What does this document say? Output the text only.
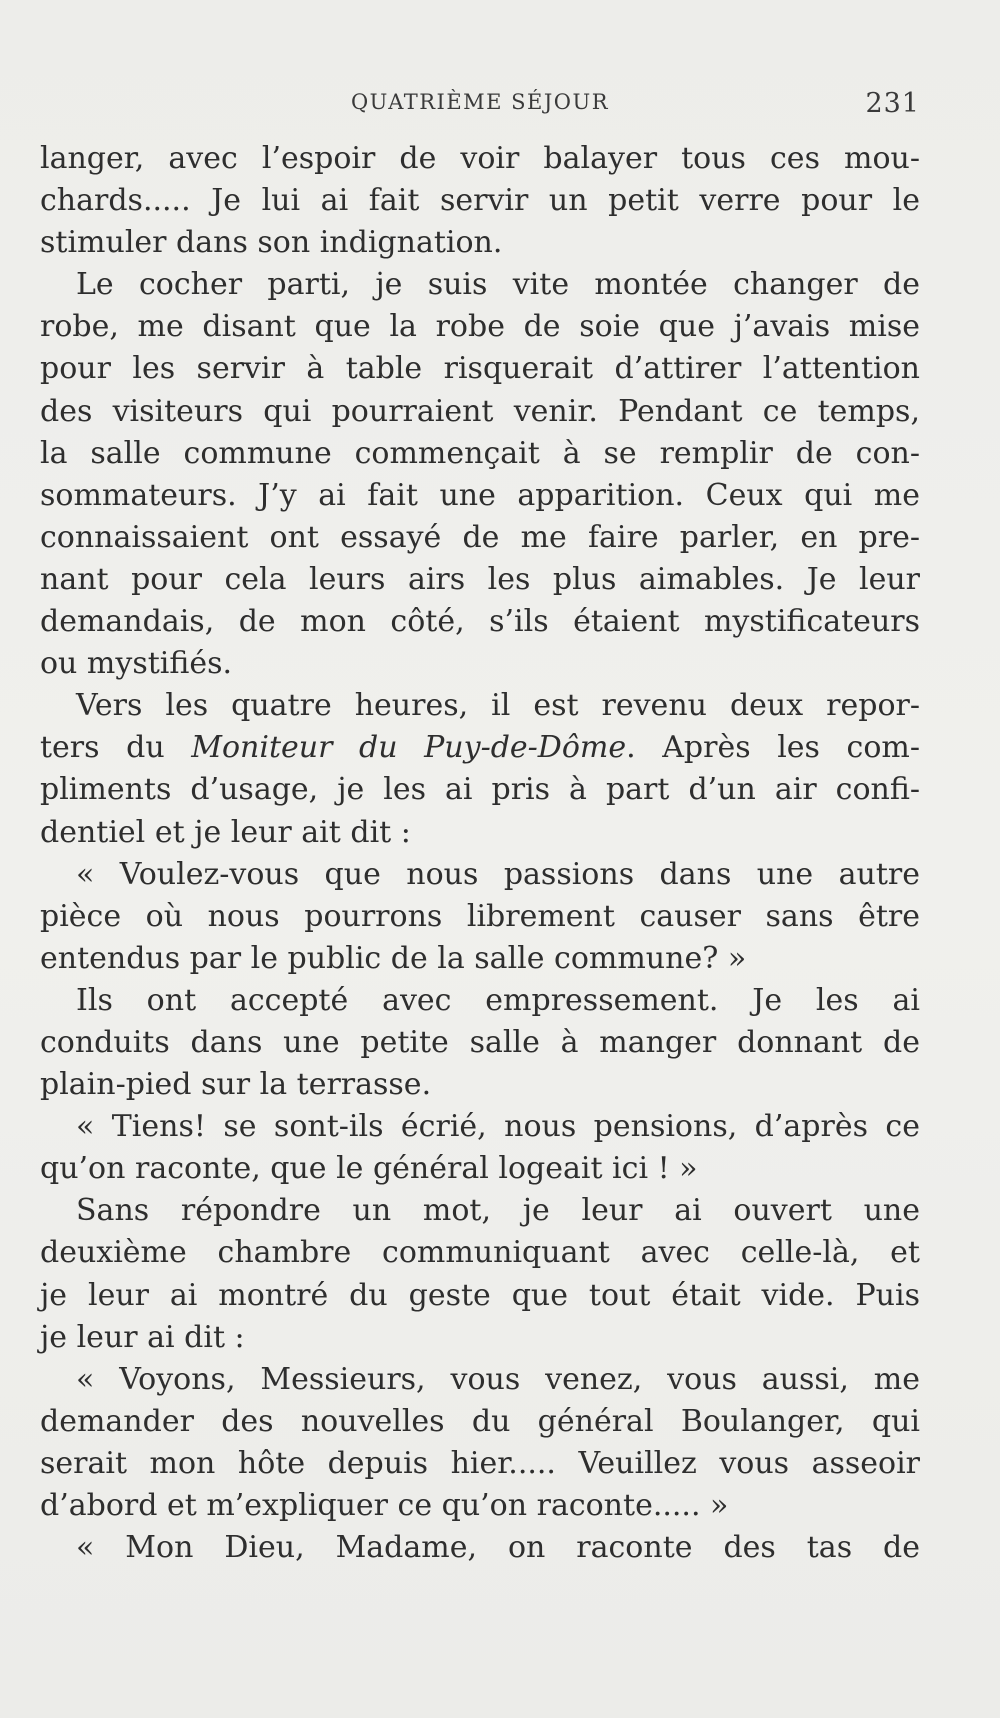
QUATRIÈME SÉJOUR	231

langer, avec l’espoir de voir balayer tous ces mou-

chards..... Je lui ai fait servir un petit verre pour le

stimuler dans son indignation.

Le cocher parti, je suis vite montée changer de

robe, me disant que la robe de soie que j’avais mise

pour les servir à table risquerait d’attirer l’attention

des visiteurs qui pourraient venir. Pendant ce temps,

la salle commune commençait à se remplir de con-

sommateurs. J’y ai fait une apparition. Ceux qui me

connaissaient ont essayé de me faire parler, en pre-

nant pour cela leurs airs les plus aimables. Je leur

demandais, de mon côté, s’ils étaient mystificateurs

ou mystifiés.

Vers les quatre heures, il est revenu deux repor-

ters du Moniteur du Puy-de-Dôme. Après les com-

pliments d’usage, je les ai pris à part d’un air confi-

dentiel et je leur ait dit :

« Voulez-vous que nous passions dans une autre

pièce où nous pourrons librement causer sans être

entendus par le public de la salle commune? »

Ils ont accepté avec empressement. Je les ai

conduits dans une petite salle à manger donnant de

plain-pied sur la terrasse.

« Tiens! se sont-ils écrié, nous pensions, d’après ce

qu’on raconte, que le général logeait ici ! »

Sans répondre un mot, je leur ai ouvert une

deuxième chambre communiquant avec celle-là, et

je leur ai montré du geste que tout était vide. Puis

je leur ai dit :

« Voyons, Messieurs, vous venez, vous aussi, me

demander des nouvelles du général Boulanger, qui

serait mon hôte depuis hier..... Veuillez vous asseoir

d’abord et m’expliquer ce qu’on raconte..... »

« Mon Dieu, Madame, on raconte des tas de
